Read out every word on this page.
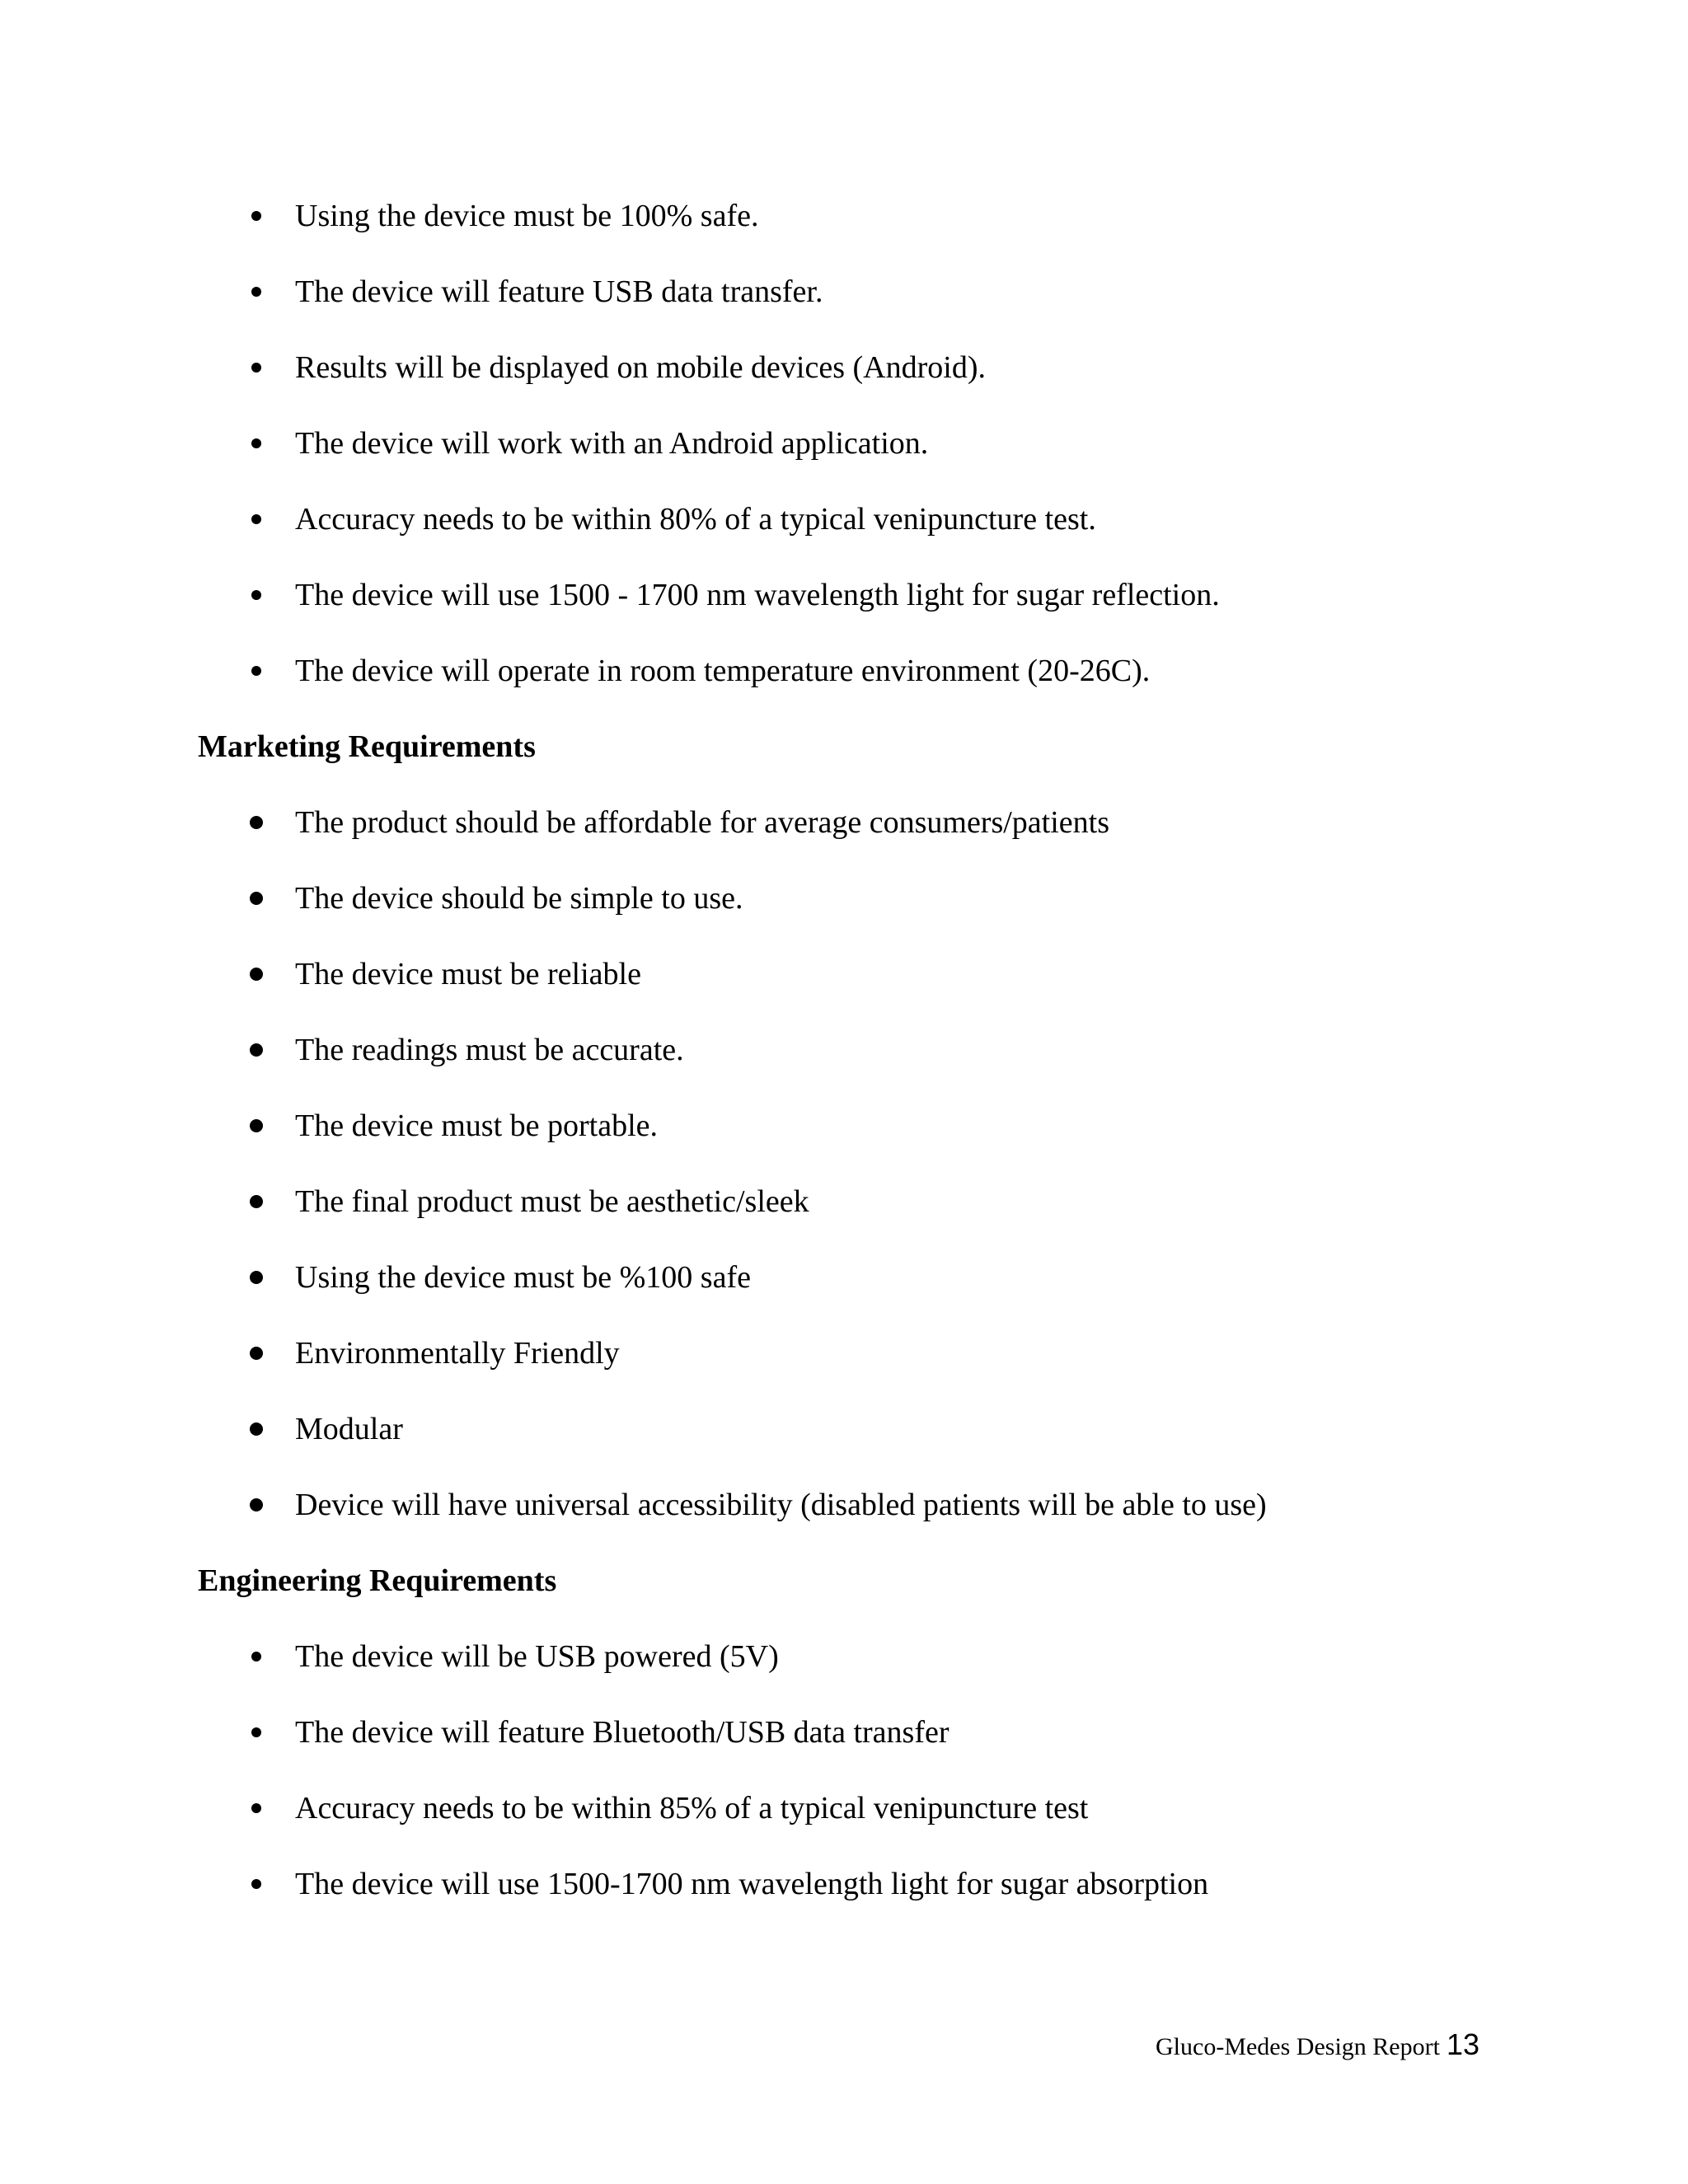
Using the device must be 100% safe.
The device will feature USB data transfer.
Results will be displayed on mobile devices (Android).
The device will work with an Android application.
Accuracy needs to be within 80% of a typical venipuncture test.
The device will use 1500 - 1700 nm wavelength light for sugar reflection.
The device will operate in room temperature environment (20-26C).
Marketing Requirements
The product should be affordable for average consumers/patients
The device should be simple to use.
The device must be reliable
The readings must be accurate.
The device must be portable.
The final product must be aesthetic/sleek
Using the device must be %100 safe
Environmentally Friendly
Modular
Device will have universal accessibility (disabled patients will be able to use)
Engineering Requirements
The device will be USB powered (5V)
The device will feature Bluetooth/USB data transfer
Accuracy needs to be within 85% of a typical venipuncture test
The device will use 1500-1700 nm wavelength light for sugar absorption
Gluco-Medes Design Report 13
